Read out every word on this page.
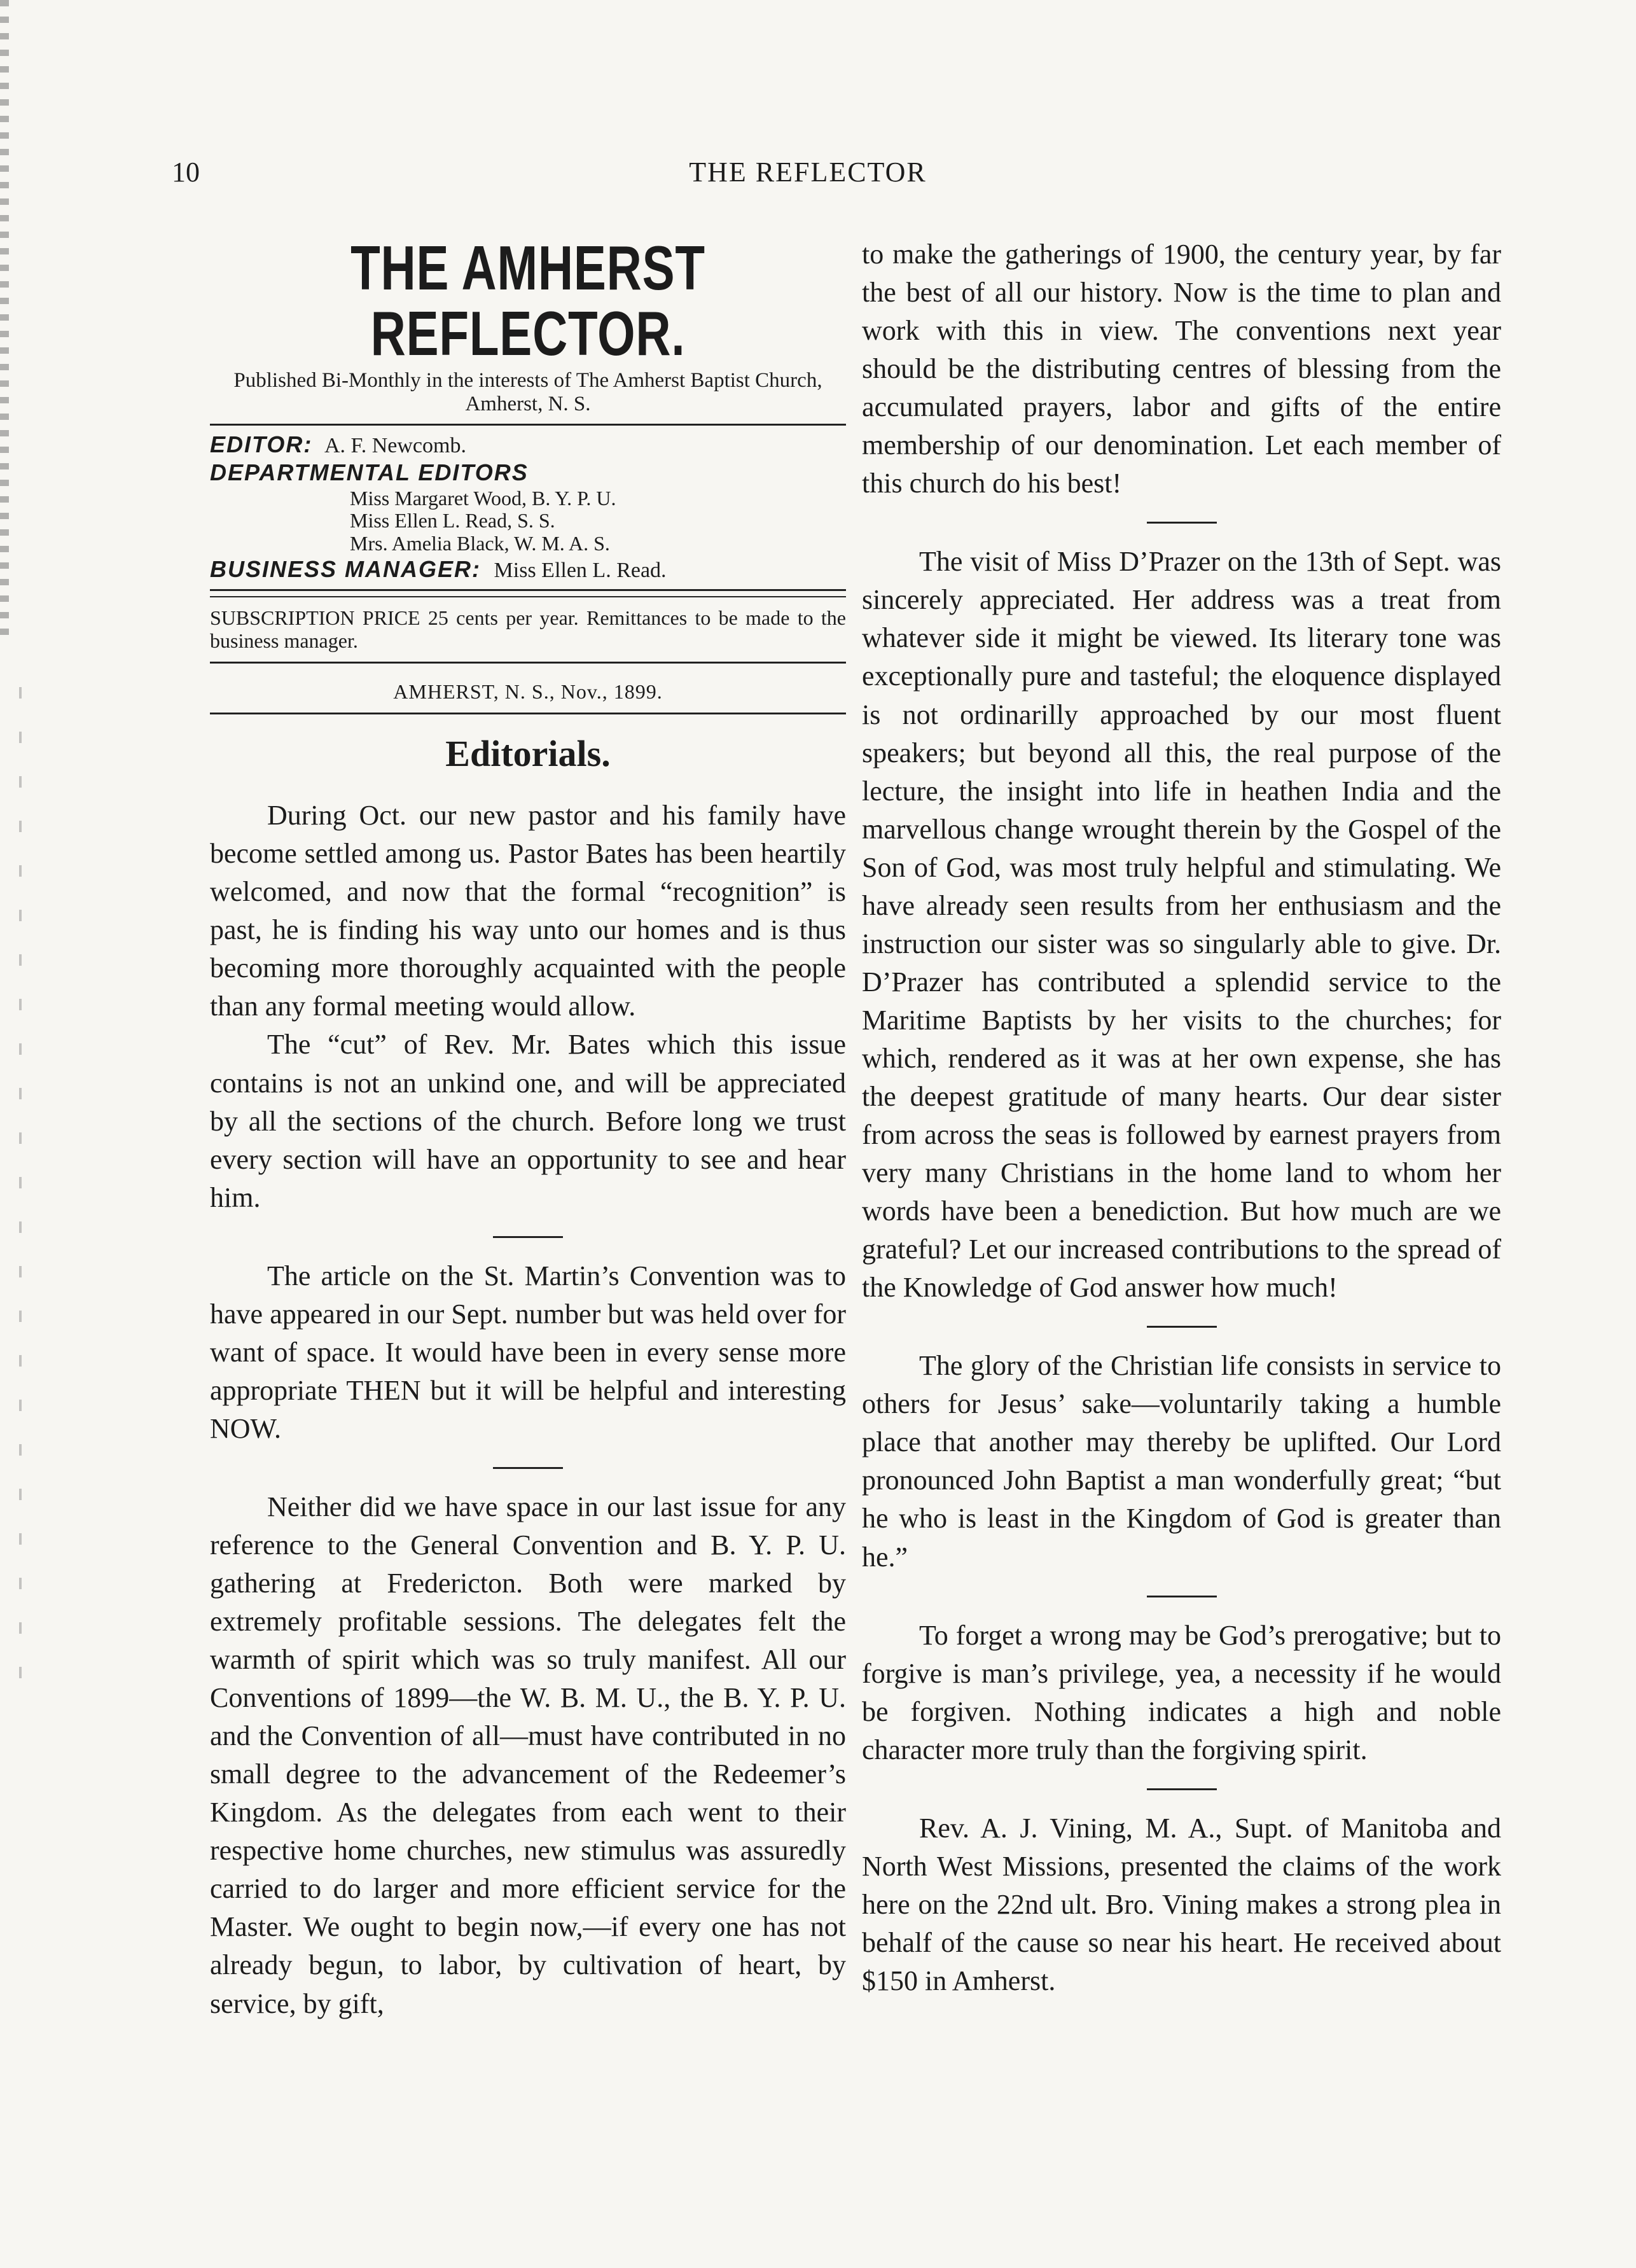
10	THE REFLECTOR
THE AMHERST REFLECTOR.
Published Bi-Monthly in the interests of The Amherst Baptist Church, Amherst, N. S.
EDITOR: A. F. Newcomb.
DEPARTMENTAL EDITORS
Miss Margaret Wood, B. Y. P. U.
Miss Ellen L. Read, S. S.
Mrs. Amelia Black, W. M. A. S.
BUSINESS MANAGER: Miss Ellen L. Read.
SUBSCRIPTION PRICE 25 cents per year. Remittances to be made to the business manager.
AMHERST, N. S., Nov., 1899.
Editorials.

During Oct. our new pastor and his family have become settled among us. Pastor Bates has been heartily welcomed, and now that the formal “recognition” is past, he is finding his way unto our homes and is thus becoming more thoroughly acquainted with the people than any formal meeting would allow.

The “cut” of Rev. Mr. Bates which this issue contains is not an unkind one, and will be appreciated by all the sections of the church. Before long we trust every section will have an opportunity to see and hear him.

The article on the St. Martin’s Convention was to have appeared in our Sept. number but was held over for want of space. It would have been in every sense more appropriate THEN but it will be helpful and interesting NOW.

Neither did we have space in our last issue for any reference to the General Convention and B. Y. P. U. gathering at Fredericton. Both were marked by extremely profitable sessions. The delegates felt the warmth of spirit which was so truly manifest. All our Conventions of 1899—the W. B. M. U., the B. Y. P. U. and the Convention of all—must have contributed in no small degree to the advancement of the Redeemer’s Kingdom. As the delegates from each went to their respective home churches, new stimulus was assuredly carried to do larger and more efficient service for the Master. We ought to begin now,—if every one has not already begun, to labor, by cultivation of heart, by service, by gift,

to make the gatherings of 1900, the century year, by far the best of all our history. Now is the time to plan and work with this in view. The conventions next year should be the distributing centres of blessing from the accumulated prayers, labor and gifts of the entire membership of our denomination. Let each member of this church do his best!

The visit of Miss D’Prazer on the 13th of Sept. was sincerely appreciated. Her address was a treat from whatever side it might be viewed. Its literary tone was exceptionally pure and tasteful; the eloquence displayed is not ordinarilly approached by our most fluent speakers; but beyond all this, the real purpose of the lecture, the insight into life in heathen India and the marvellous change wrought therein by the Gospel of the Son of God, was most truly helpful and stimulating. We have already seen results from her enthusiasm and the instruction our sister was so singularly able to give. Dr. D’Prazer has contributed a splendid service to the Maritime Baptists by her visits to the churches; for which, rendered as it was at her own expense, she has the deepest gratitude of many hearts. Our dear sister from across the seas is followed by earnest prayers from very many Christians in the home land to whom her words have been a benediction. But how much are we grateful? Let our increased contributions to the spread of the Knowledge of God answer how much!

The glory of the Christian life consists in service to others for Jesus’ sake—voluntarily taking a humble place that another may thereby be uplifted. Our Lord pronounced John Baptist a man wonderfully great; “but he who is least in the Kingdom of God is greater than he.”

To forget a wrong may be God’s prerogative; but to forgive is man’s privilege, yea, a necessity if he would be forgiven. Nothing indicates a high and noble character more truly than the forgiving spirit.

Rev. A. J. Vining, M. A., Supt. of Manitoba and North West Missions, presented the claims of the work here on the 22nd ult. Bro. Vining makes a strong plea in behalf of the cause so near his heart. He received about $150 in Amherst.
